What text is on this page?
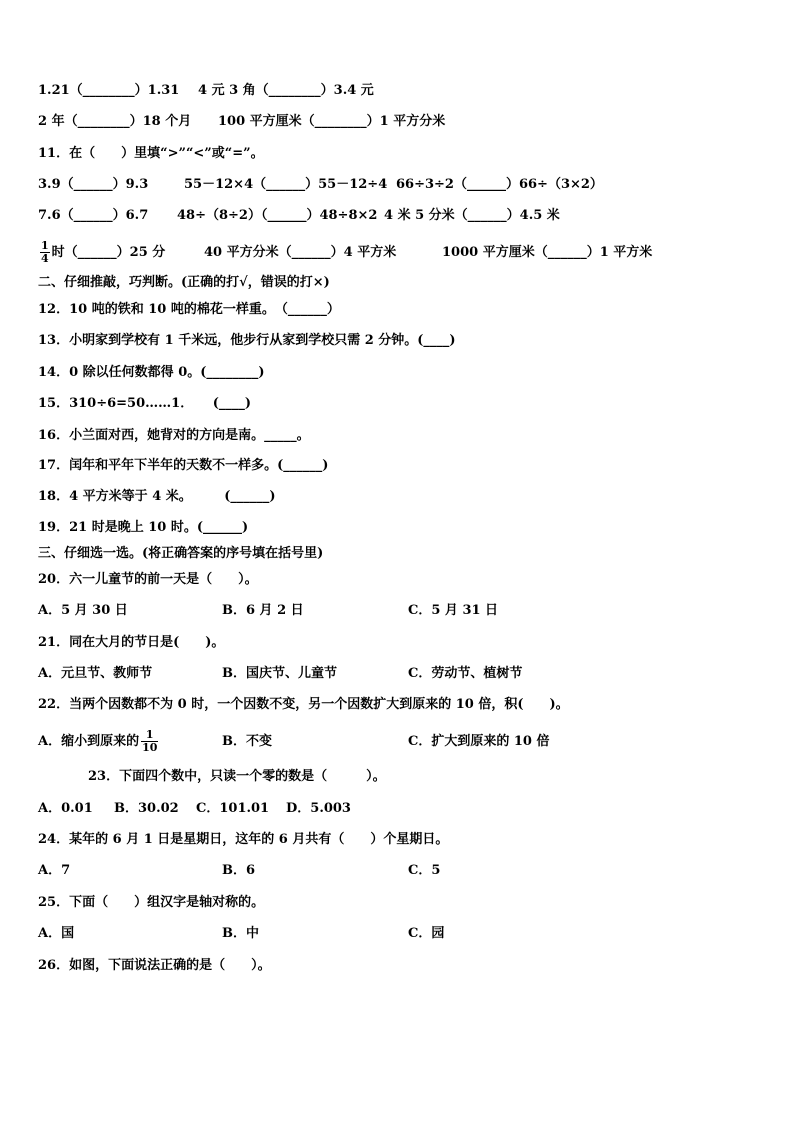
1.21（________）1.31 4 元 3 角（________）3.4 元
2 年（________）18 个月 100 平方厘米（________）1 平方分米
11．在（　　）里填“>”“<”或“=”。
3.9（______）9.3	55－12×4（______）55－12÷4 66÷3÷2（______）66÷（3×2）
7.6（______）6.7 48÷（8÷2）（______）48÷8×2 4 米 5 分米（______）4.5 米
$\frac{1}{4}$ 时（______）25 分	40 平方分米（______）4 平方米	1000 平方厘米（______）1 平方米
二、仔细推敲，巧判断。(正确的打√，错误的打×)
12．10 吨的铁和 10 吨的棉花一样重。　（______）
13．小明家到学校有 1 千米远，他步行从家到学校只需 2 分钟。(____)
14．0 除以任何数都得 0。(________)
15．310÷6=50……1．　　(____)
16．小兰面对西，她背对的方向是南。_____。
17．闰年和平年下半年的天数不一样多。(______)
18．4 平方米等于 4 米。　　　(______)
19．21 时是晚上 10 时。(______)
三、仔细选一选。(将正确答案的序号填在括号里)
20．六一儿童节的前一天是（　　）。
A．5 月 30 日	B．6 月 2 日	C．5 月 31 日
21．同在大月的节日是(　　)。
A．元旦节、教师节	B．国庆节、儿童节	C．劳动节、植树节
22．当两个因数都不为 0 时，一个因数不变，另一个因数扩大到原来的 10 倍，积(　　)。
A．缩小到原来的 $\frac{1}{10}$	B．不变	C．扩大到原来的 10 倍
23．下面四个数中，只读一个零的数是（　　　）。
A．0.01 B．30.02 C．101.01 D．5.003
24．某年的 6 月 1 日是星期日，这年的 6 月共有（　　）个星期日。
A．7	B．6	C．5
25．下面（　　）组汉字是轴对称的。
A．国	B．中	C．园
26．如图，下面说法正确的是（　　）。
